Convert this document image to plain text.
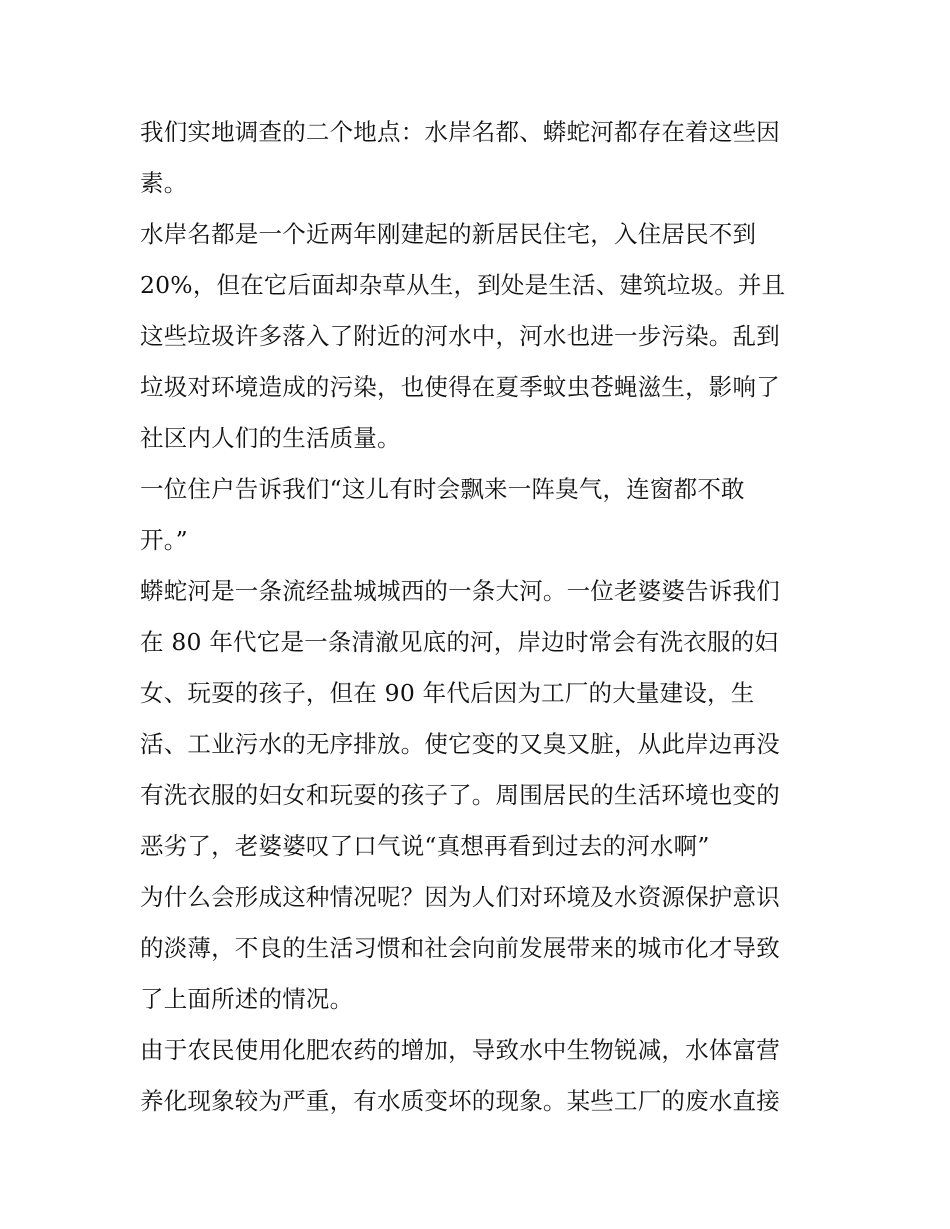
我们实地调查的二个地点：水岸名都、蟒蛇河都存在着这些因
素。
水岸名都是一个近两年刚建起的新居民住宅，入住居民不到
20%，但在它后面却杂草从生，到处是生活、建筑垃圾。并且
这些垃圾许多落入了附近的河水中，河水也进一步污染。乱到
垃圾对环境造成的污染，也使得在夏季蚊虫苍蝇滋生，影响了
社区内人们的生活质量。
一位住户告诉我们“这儿有时会飘来一阵臭气，连窗都不敢
开。”
蟒蛇河是一条流经盐城城西的一条大河。一位老婆婆告诉我们
在 80 年代它是一条清澈见底的河，岸边时常会有洗衣服的妇
女、玩耍的孩子，但在 90 年代后因为工厂的大量建设，生
活、工业污水的无序排放。使它变的又臭又脏，从此岸边再没
有洗衣服的妇女和玩耍的孩子了。周围居民的生活环境也变的
恶劣了，老婆婆叹了口气说“真想再看到过去的河水啊”
为什么会形成这种情况呢？因为人们对环境及水资源保护意识
的淡薄，不良的生活习惯和社会向前发展带来的城市化才导致
了上面所述的情况。
由于农民使用化肥农药的增加，导致水中生物锐减，水体富营
养化现象较为严重，有水质变坏的现象。某些工厂的废水直接
